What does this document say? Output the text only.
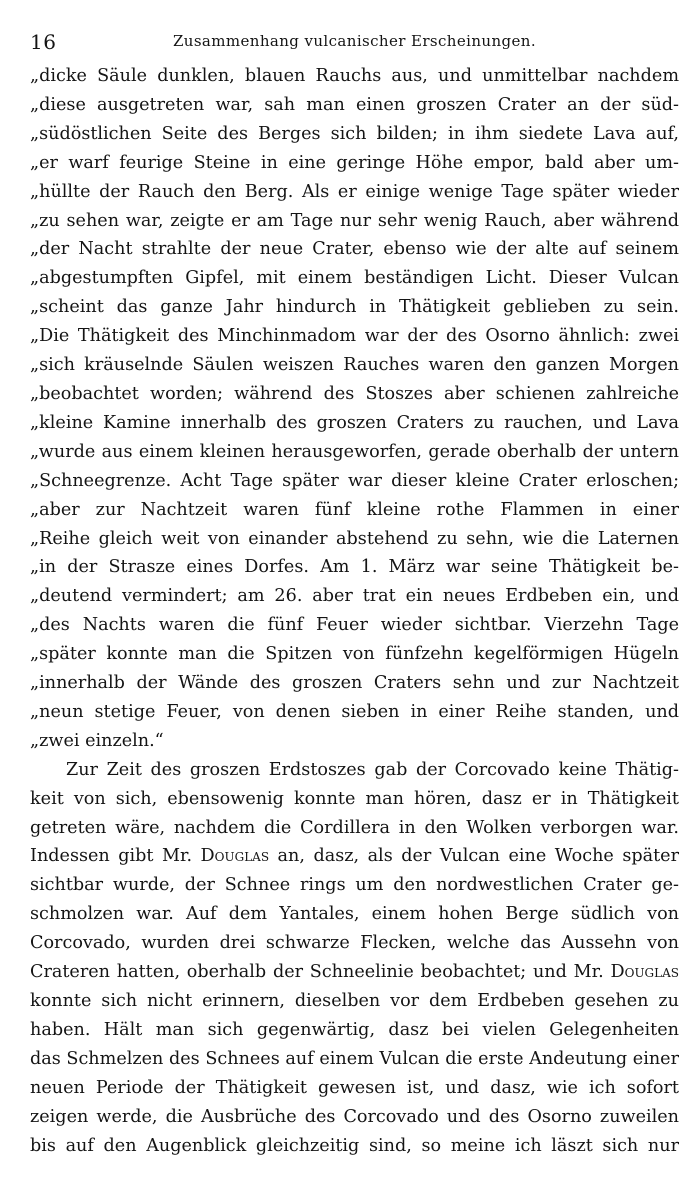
16	Zusammenhang vulcanischer Erscheinungen.
„dicke Säule dunklen, blauen Rauchs aus, und unmittelbar nachdem
„diese ausgetreten war, sah man einen groszen Crater an der süd-
„südöstlichen Seite des Berges sich bilden; in ihm siedete Lava auf,
„er warf feurige Steine in eine geringe Höhe empor, bald aber um-
„hüllte der Rauch den Berg. Als er einige wenige Tage später wieder
„zu sehen war, zeigte er am Tage nur sehr wenig Rauch, aber während
„der Nacht strahlte der neue Crater, ebenso wie der alte auf seinem
„abgestumpften Gipfel, mit einem beständigen Licht. Dieser Vulcan
„scheint das ganze Jahr hindurch in Thätigkeit geblieben zu sein.
„Die Thätigkeit des Minchinmadom war der des Osorno ähnlich: zwei
„sich kräuselnde Säulen weiszen Rauches waren den ganzen Morgen
„beobachtet worden; während des Stoszes aber schienen zahlreiche
„kleine Kamine innerhalb des groszen Craters zu rauchen, und Lava
„wurde aus einem kleinen herausgeworfen, gerade oberhalb der untern
„Schneegrenze. Acht Tage später war dieser kleine Crater erloschen;
„aber zur Nachtzeit waren fünf kleine rothe Flammen in einer
„Reihe gleich weit von einander abstehend zu sehn, wie die Laternen
„in der Strasze eines Dorfes. Am 1. März war seine Thätigkeit be-
„deutend vermindert; am 26. aber trat ein neues Erdbeben ein, und
„des Nachts waren die fünf Feuer wieder sichtbar. Vierzehn Tage
„später konnte man die Spitzen von fünfzehn kegelförmigen Hügeln
„innerhalb der Wände des groszen Craters sehn und zur Nachtzeit
„neun stetige Feuer, von denen sieben in einer Reihe standen, und
„zwei einzeln.“
Zur Zeit des groszen Erdstoszes gab der Corcovado keine Thätig-
keit von sich, ebensowenig konnte man hören, dasz er in Thätigkeit
getreten wäre, nachdem die Cordillera in den Wolken verborgen war.
Indessen gibt Mr. Douglas an, dasz, als der Vulcan eine Woche später
sichtbar wurde, der Schnee rings um den nordwestlichen Crater ge-
schmolzen war. Auf dem Yantales, einem hohen Berge südlich von
Corcovado, wurden drei schwarze Flecken, welche das Aussehn von
Crateren hatten, oberhalb der Schneelinie beobachtet; und Mr. Douglas
konnte sich nicht erinnern, dieselben vor dem Erdbeben gesehen zu
haben. Hält man sich gegenwärtig, dasz bei vielen Gelegenheiten
das Schmelzen des Schnees auf einem Vulcan die erste Andeutung einer
neuen Periode der Thätigkeit gewesen ist, und dasz, wie ich sofort
zeigen werde, die Ausbrüche des Corcovado und des Osorno zuweilen
bis auf den Augenblick gleichzeitig sind, so meine ich läszt sich nur
